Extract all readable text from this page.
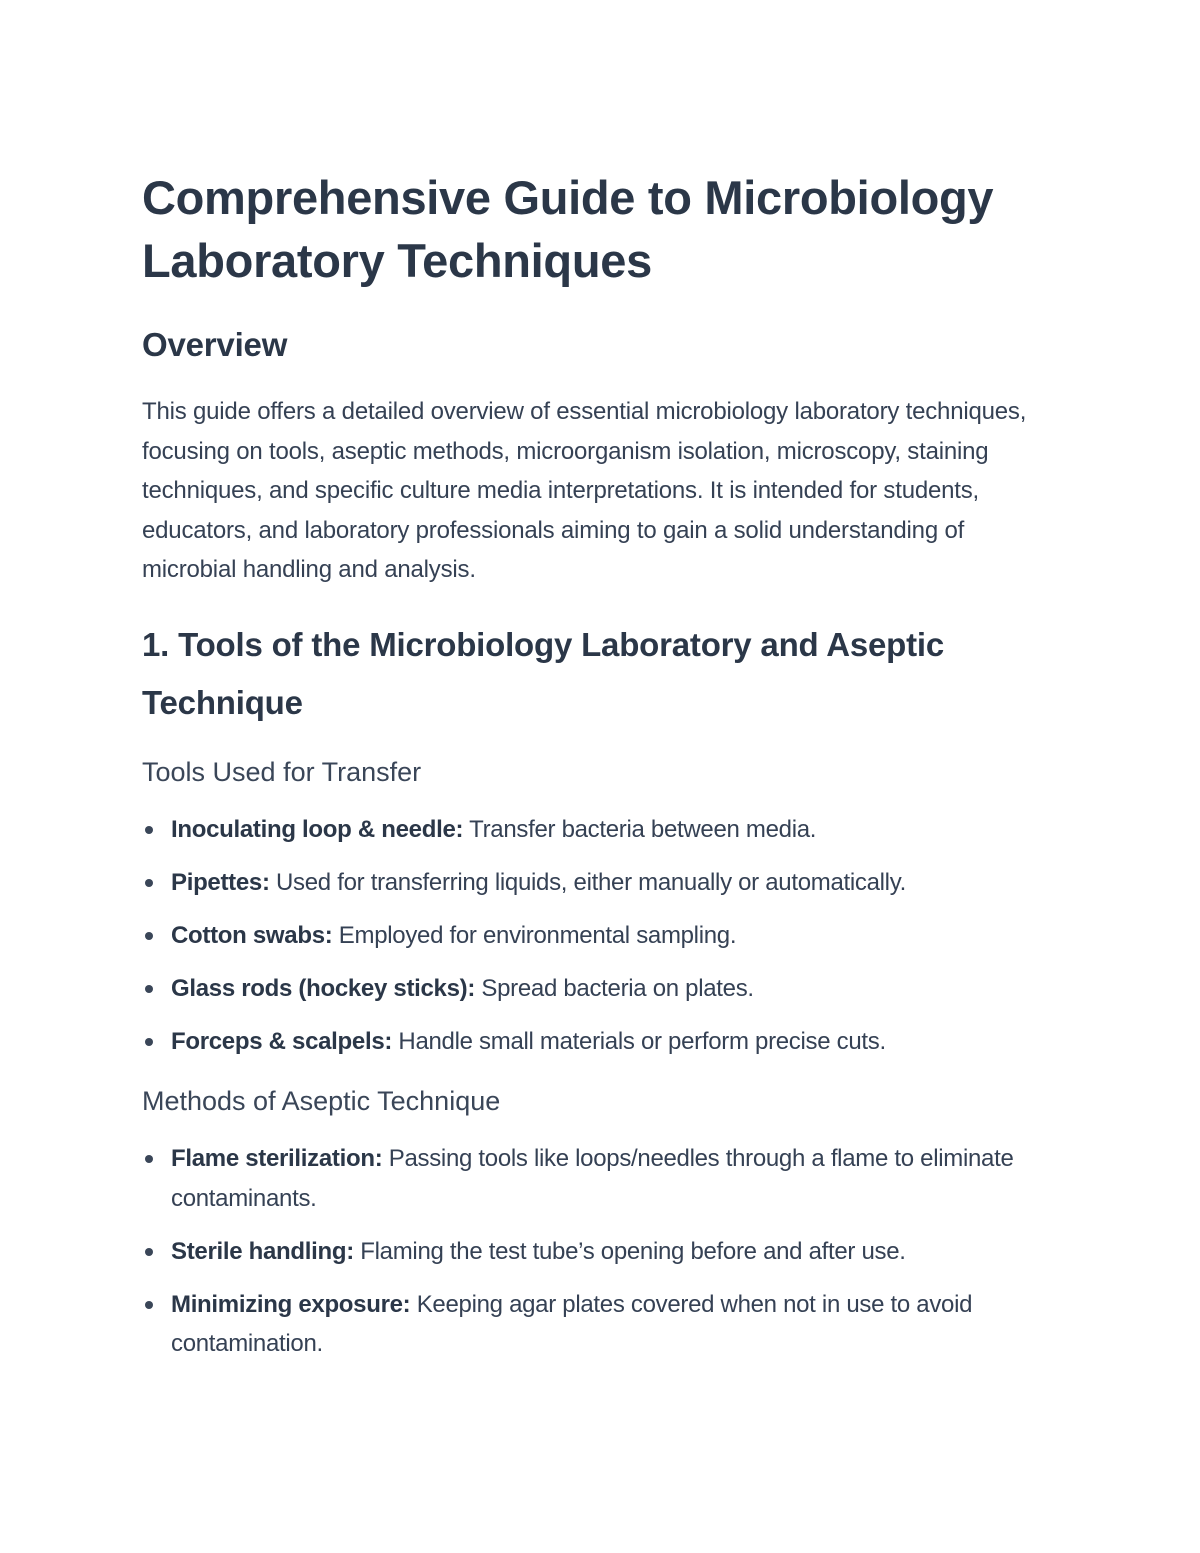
Comprehensive Guide to Microbiology Laboratory Techniques
Overview

This guide offers a detailed overview of essential microbiology laboratory techniques, focusing on tools, aseptic methods, microorganism isolation, microscopy, staining techniques, and specific culture media interpretations. It is intended for students, educators, and laboratory professionals aiming to gain a solid understanding of microbial handling and analysis.

1. Tools of the Microbiology Laboratory and Aseptic Technique
Tools Used for Transfer
Inoculating loop & needle: Transfer bacteria between media.
Pipettes: Used for transferring liquids, either manually or automatically.
Cotton swabs: Employed for environmental sampling.
Glass rods (hockey sticks): Spread bacteria on plates.
Forceps & scalpels: Handle small materials or perform precise cuts.
Methods of Aseptic Technique
Flame sterilization: Passing tools like loops/needles through a flame to eliminate contaminants.
Sterile handling: Flaming the test tube’s opening before and after use.
Minimizing exposure: Keeping agar plates covered when not in use to avoid contamination.
